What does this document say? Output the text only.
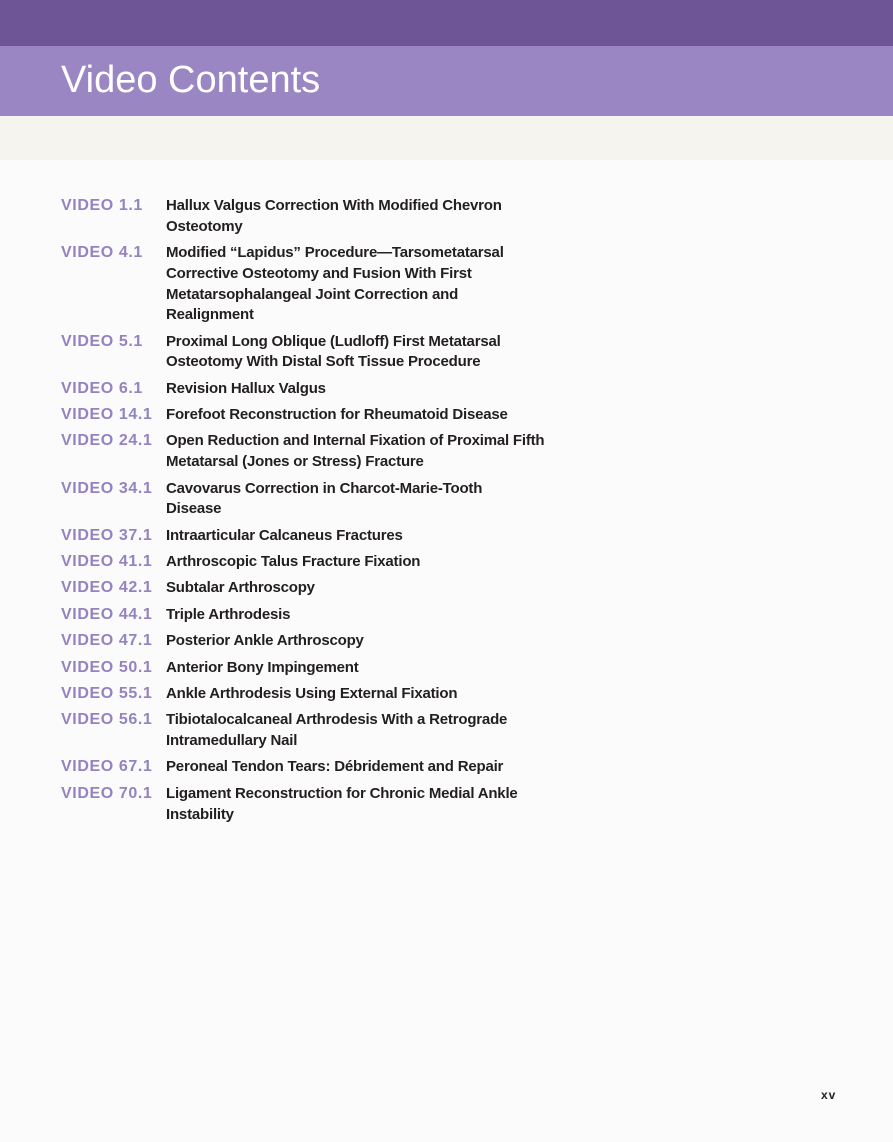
Video Contents
VIDEO 1.1	Hallux Valgus Correction With Modified Chevron
Osteotomy
VIDEO 4.1	Modified “Lapidus” Procedure—Tarsometatarsal
Corrective Osteotomy and Fusion With First
Metatarsophalangeal Joint Correction and
Realignment
VIDEO 5.1	Proximal Long Oblique (Ludloff) First Metatarsal
Osteotomy With Distal Soft Tissue Procedure
VIDEO 6.1	Revision Hallux Valgus
VIDEO 14.1 Forefoot Reconstruction for Rheumatoid Disease
VIDEO 24.1 Open Reduction and Internal Fixation of Proximal Fifth
Metatarsal (Jones or Stress) Fracture
VIDEO 34.1 Cavovarus Correction in Charcot-Marie-Tooth
Disease
VIDEO 37.1 Intraarticular Calcaneus Fractures
VIDEO 41.1 Arthroscopic Talus Fracture Fixation
VIDEO 42.1 Subtalar Arthroscopy
VIDEO 44.1 Triple Arthrodesis
VIDEO 47.1 Posterior Ankle Arthroscopy
VIDEO 50.1 Anterior Bony Impingement
VIDEO 55.1 Ankle Arthrodesis Using External Fixation
VIDEO 56.1 Tibiotalocalcaneal Arthrodesis With a Retrograde
Intramedullary Nail
VIDEO 67.1 Peroneal Tendon Tears: Débridement and Repair
VIDEO 70.1 Ligament Reconstruction for Chronic Medial Ankle
Instability
xv
